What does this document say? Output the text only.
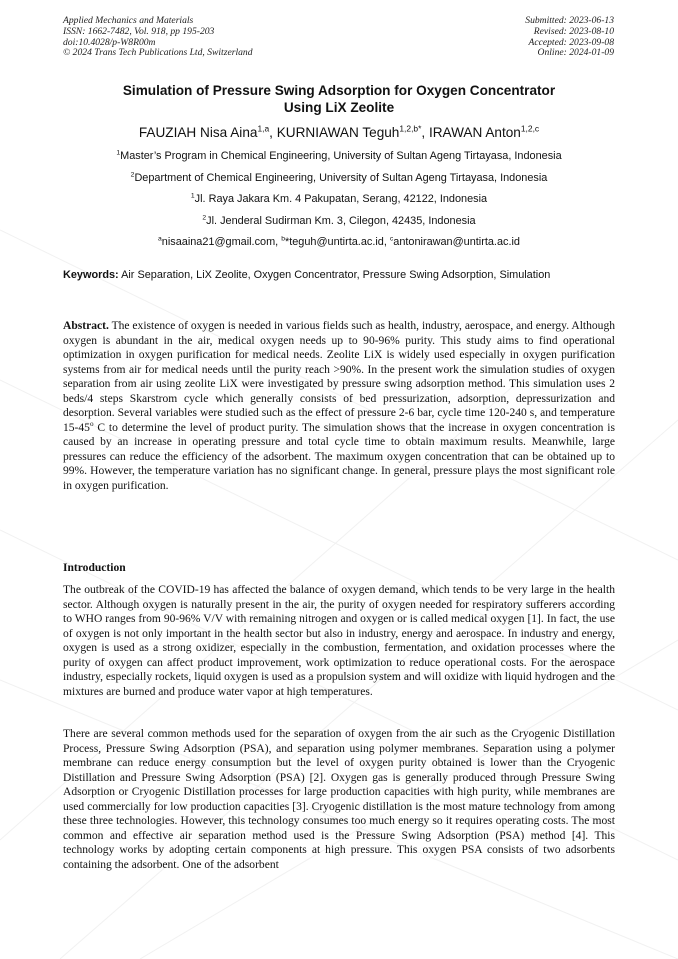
Applied Mechanics and Materials
ISSN: 1662-7482, Vol. 918, pp 195-203
doi:10.4028/p-W8R00m
© 2024 Trans Tech Publications Ltd, Switzerland
Submitted: 2023-06-13
Revised: 2023-08-10
Accepted: 2023-09-08
Online: 2024-01-09
Simulation of Pressure Swing Adsorption for Oxygen Concentrator
Using LiX Zeolite
FAUZIAH Nisa Aina$^{1,a}$, KURNIAWAN Teguh$^{1,2,b*}$, IRAWAN Anton$^{1,2,c}$
$^1$Master’s Program in Chemical Engineering, University of Sultan Ageng Tirtayasa, Indonesia
$^2$Department of Chemical Engineering, University of Sultan Ageng Tirtayasa, Indonesia
$^1$Jl. Raya Jakara Km. 4 Pakupatan, Serang, 42122, Indonesia
$^2$Jl. Jenderal Sudirman Km. 3, Cilegon, 42435, Indonesia
$^a$nisaaina21@gmail.com, $^b$*teguh@untirta.ac.id, $^c$antonirawan@untirta.ac.id
Keywords: Air Separation, LiX Zeolite, Oxygen Concentrator, Pressure Swing Adsorption, Simulation
Abstract. The existence of oxygen is needed in various fields such as health, industry, aerospace, and energy. Although oxygen is abundant in the air, medical oxygen needs up to 90-96% purity. This study aims to find operational optimization in oxygen purification for medical needs. Zeolite LiX is widely used especially in oxygen purification systems from air for medical needs until the purity reach >90%. In the present work the simulation studies of oxygen separation from air using zeolite LiX were investigated by pressure swing adsorption method. This simulation uses 2 beds/4 steps Skarstrom cycle which generally consists of bed pressurization, adsorption, depressurization and desorption. Several variables were studied such as the effect of pressure 2-6 bar, cycle time 120-240 s, and temperature 15-45$^o$ C to determine the level of product purity. The simulation shows that the increase in oxygen concentration is caused by an increase in operating pressure and total cycle time to obtain maximum results. Meanwhile, large pressures can reduce the efficiency of the adsorbent. The maximum oxygen concentration that can be obtained up to 99%. However, the temperature variation has no significant change. In general, pressure plays the most significant role in oxygen purification.
Introduction
The outbreak of the COVID-19 has affected the balance of oxygen demand, which tends to be very large in the health sector. Although oxygen is naturally present in the air, the purity of oxygen needed for respiratory sufferers according to WHO ranges from 90-96% V/V with remaining nitrogen and oxygen or is called medical oxygen [1]. In fact, the use of oxygen is not only important in the health sector but also in industry, energy and aerospace. In industry and energy, oxygen is used as a strong oxidizer, especially in the combustion, fermentation, and oxidation processes where the purity of oxygen can affect product improvement, work optimization to reduce operational costs. For the aerospace industry, especially rockets, liquid oxygen is used as a propulsion system and will oxidize with liquid hydrogen and the mixtures are burned and produce water vapor at high temperatures.
There are several common methods used for the separation of oxygen from the air such as the Cryogenic Distillation Process, Pressure Swing Adsorption (PSA), and separation using polymer membranes. Separation using a polymer membrane can reduce energy consumption but the level of oxygen purity obtained is lower than the Cryogenic Distillation and Pressure Swing Adsorption (PSA) [2]. Oxygen gas is generally produced through Pressure Swing Adsorption or Cryogenic Distillation processes for large production capacities with high purity, while membranes are used commercially for low production capacities [3]. Cryogenic distillation is the most mature technology from among these three technologies. However, this technology consumes too much energy so it requires operating costs. The most common and effective air separation method used is the Pressure Swing Adsorption (PSA) method [4]. This technology works by adopting certain components at high pressure. This oxygen PSA consists of two adsorbents containing the adsorbent. One of the adsorbent
